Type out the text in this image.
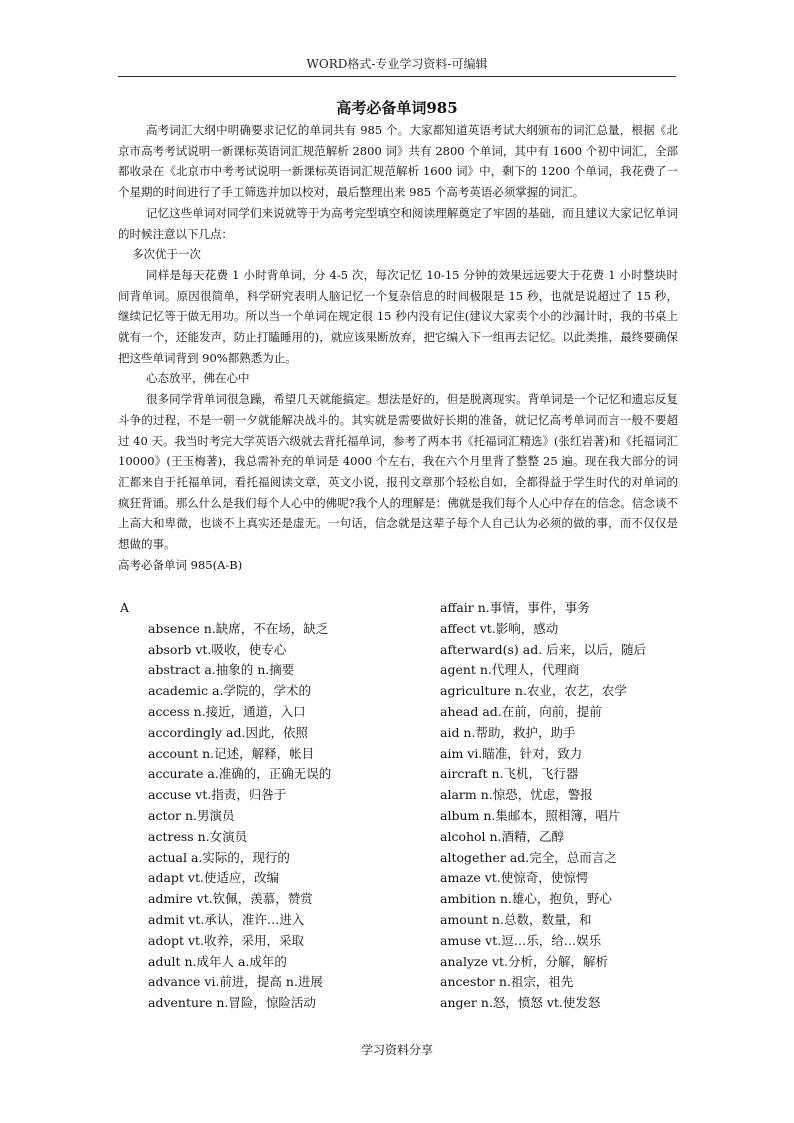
WORD格式-专业学习资料-可编辑
高考必备单词985

高考词汇大纲中明确要求记忆的单词共有 985 个。大家都知道英语考试大纲颁布的词汇总量，根据《北京市高考考试说明一新课标英语词汇规范解析 2800 词》共有 2800 个单词，其中有 1600 个初中词汇，全部都收录在《北京市中考考试说明一新课标英语词汇规范解析 1600 词》中，剩下的 1200 个单词，我花费了一个星期的时间进行了手工筛选并加以校对，最后整理出来 985 个高考英语必须掌握的词汇。

记忆这些单词对同学们来说就等于为高考完型填空和阅读理解奠定了牢固的基础，而且建议大家记忆单词的时候注意以下几点：

多次优于一次

同样是每天花费 1 小时背单词，分 4-5 次，每次记忆 10-15 分钟的效果远远要大于花费 1 小时整块时间背单词。原因很简单，科学研究表明人脑记忆一个复杂信息的时间极限是 15 秒，也就是说超过了 15 秒，继续记忆等于做无用功。所以当一个单词在规定很 15 秒内没有记住(建议大家卖个小的沙漏计时，我的书桌上就有一个，还能发声，防止打瞌睡用的)，就应该果断放弃，把它编入下一组再去记忆。以此类推，最终要确保把这些单词背到 90%都熟悉为止。

心态放平，佛在心中

很多同学背单词很急躁，希望几天就能搞定。想法是好的，但是脱离现实。背单词是一个记忆和遗忘反复斗争的过程，不是一朝一夕就能解决战斗的。其实就是需要做好长期的准备，就记忆高考单词而言一般不要超过 40 天。我当时考完大学英语六级就去背托福单词，参考了两本书《托福词汇精选》(张红岩著)和《托福词汇 10000》(王玉梅著)，我总需补充的单词是 4000 个左右，我在六个月里背了整整 25 遍。现在我大部分的词汇都来自于托福单词，看托福阅读文章，英文小说，报刊文章那个轻松自如，全都得益于学生时代的对单词的疯狂背诵。那么什么是我们每个人心中的佛呢?我个人的理解是：佛就是我们每个人心中存在的信念。信念谈不上高大和卑微，也谈不上真实还是虚无。一句话，信念就是这辈子每个人自己认为必须的做的事，而不仅仅是想做的事。

高考必备单词 985(A-B)

A
absence n.缺席，不在场，缺乏
absorb vt.吸收，使专心
abstract a.抽象的 n.摘要
academic a.学院的，学术的
access n.接近，通道，入口
accordingly ad.因此，依照
account n.记述，解释，帐目
accurate a.准确的，正确无误的
accuse vt.指责，归咎于
actor n.男演员
actress n.女演员
actual a.实际的，现行的
adapt vt.使适应，改编
admire vt.钦佩，羡慕，赞赏
admit vt.承认，准许…进入
adopt vt.收养，采用，采取
adult n.成年人 a.成年的
advance vi.前进，提高 n.进展
adventure n.冒险，惊险活动
affair n.事情，事件，事务
affect vt.影响，感动
afterward(s) ad. 后来，以后，随后
agent n.代理人，代理商
agriculture n.农业，农艺，农学
ahead ad.在前，向前，提前
aid n.帮助，救护，助手
aim vi.瞄准，针对，致力
aircraft n.飞机，飞行器
alarm n.惊恐，忧虑，警报
album n.集邮本，照相簿，唱片
alcohol n.酒精，乙醇
altogether ad.完全，总而言之
amaze vt.使惊奇，使惊愕
ambition n.雄心，抱负，野心
amount n.总数，数量，和
amuse vt.逗…乐，给…娱乐
analyze vt.分析，分解，解析
ancestor n.祖宗，祖先
anger n.怒，愤怒 vt.使发怒
学习资料分享
